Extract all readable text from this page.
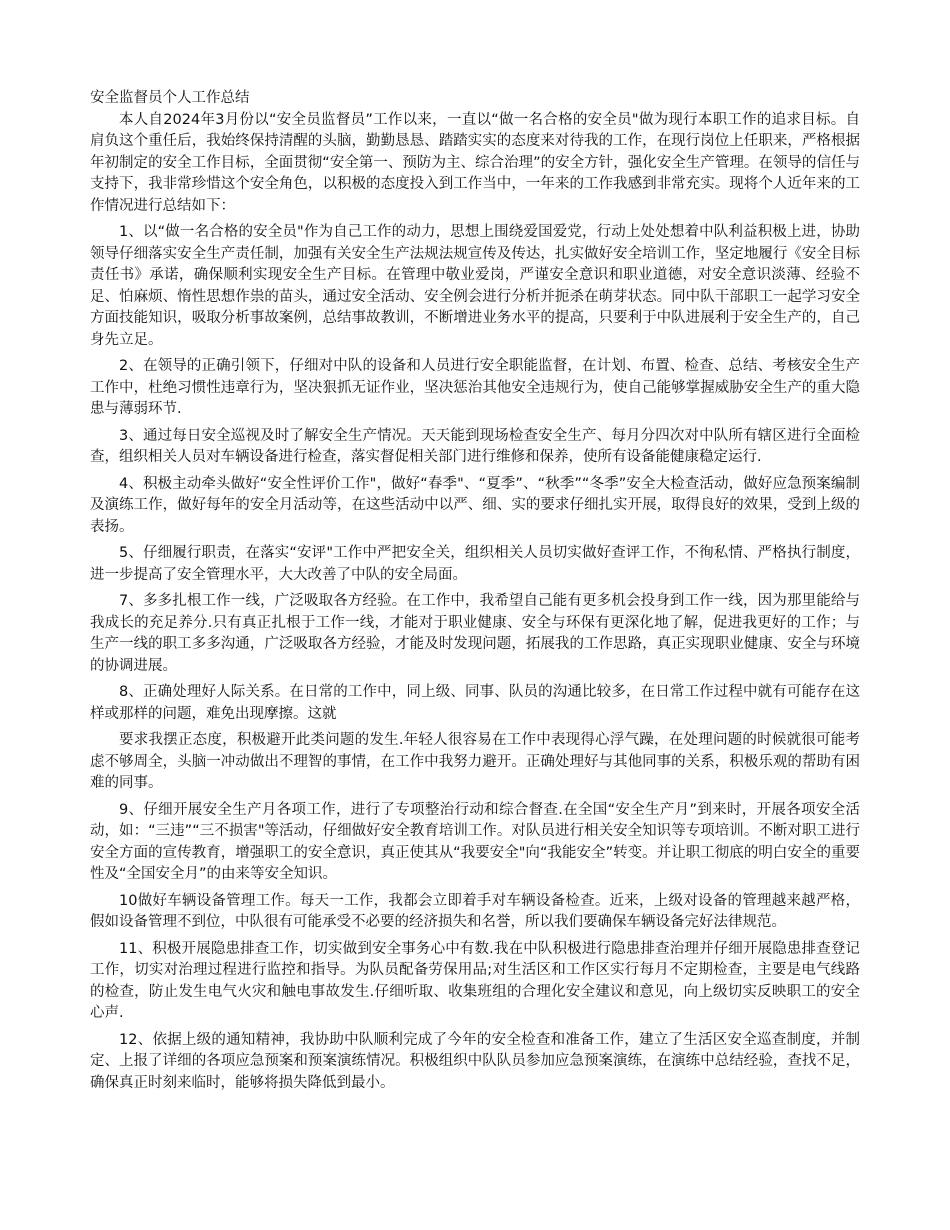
安全监督员个人工作总结

本人自2024年3月份以“安全员监督员”工作以来，一直以“做一名合格的安全员"做为现行本职工作的追求目标。自肩负这个重任后，我始终保持清醒的头脑，勤勤恳恳、踏踏实实的态度来对待我的工作，在现行岗位上任职来，严格根据年初制定的安全工作目标，全面贯彻“安全第一、预防为主、综合治理”的安全方针，强化安全生产管理。在领导的信任与支持下，我非常珍惜这个安全角色，以积极的态度投入到工作当中，一年来的工作我感到非常充实。现将个人近年来的工作情况进行总结如下：

1、以“做一名合格的安全员"作为自己工作的动力，思想上围绕爱国爱党，行动上处处想着中队利益积极上进，协助领导仔细落实安全生产责任制，加强有关安全生产法规法规宣传及传达，扎实做好安全培训工作，坚定地履行《安全目标责任书》承诺，确保顺利实现安全生产目标。在管理中敬业爱岗，严谨安全意识和职业道德，对安全意识淡薄、经验不足、怕麻烦、惰性思想作祟的苗头，通过安全活动、安全例会进行分析并扼杀在萌芽状态。同中队干部职工一起学习安全方面技能知识，吸取分析事故案例，总结事故教训，不断增进业务水平的提高，只要利于中队进展利于安全生产的，自己身先立足。

2、在领导的正确引领下，仔细对中队的设备和人员进行安全职能监督，在计划、布置、检查、总结、考核安全生产工作中，杜绝习惯性违章行为，坚决狠抓无证作业，坚决惩治其他安全违规行为，使自己能够掌握威胁安全生产的重大隐患与薄弱环节.

3、通过每日安全巡视及时了解安全生产情况。天天能到现场检查安全生产、每月分四次对中队所有辖区进行全面检查，组织相关人员对车辆设备进行检查，落实督促相关部门进行维修和保养，使所有设备能健康稳定运行.

4、积极主动牵头做好“安全性评价工作"，做好“春季"、“夏季”、“秋季”“冬季”安全大检查活动，做好应急预案编制及演练工作，做好每年的安全月活动等，在这些活动中以严、细、实的要求仔细扎实开展，取得良好的效果，受到上级的表扬。

5、仔细履行职责，在落实“安评"工作中严把安全关，组织相关人员切实做好查评工作，不徇私情、严格执行制度，进一步提高了安全管理水平，大大改善了中队的安全局面。

7、多多扎根工作一线，广泛吸取各方经验。在工作中，我希望自己能有更多机会投身到工作一线，因为那里能给与我成长的充足养分.只有真正扎根于工作一线，才能对于职业健康、安全与环保有更深化地了解，促进我更好的工作；与生产一线的职工多多沟通，广泛吸取各方经验，才能及时发现问题，拓展我的工作思路，真正实现职业健康、安全与环境的协调进展。

8、正确处理好人际关系。在日常的工作中，同上级、同事、队员的沟通比较多，在日常工作过程中就有可能存在这样或那样的问题，难免出现摩擦。这就

要求我摆正态度，积极避开此类问题的发生.年轻人很容易在工作中表现得心浮气躁，在处理问题的时候就很可能考虑不够周全，头脑一冲动做出不理智的事情，在工作中我努力避开。正确处理好与其他同事的关系，积极乐观的帮助有困难的同事。

9、仔细开展安全生产月各项工作，进行了专项整治行动和综合督查.在全国“安全生产月”到来时，开展各项安全活动，如：“三违”“三不损害"等活动，仔细做好安全教育培训工作。对队员进行相关安全知识等专项培训。不断对职工进行安全方面的宣传教育，增强职工的安全意识，真正使其从“我要安全"向“我能安全”转变。并让职工彻底的明白安全的重要性及“全国安全月”的由来等安全知识。

10做好车辆设备管理工作。每天一工作，我都会立即着手对车辆设备检查。近来，上级对设备的管理越来越严格，假如设备管理不到位，中队很有可能承受不必要的经济损失和名誉，所以我们要确保车辆设备完好法律规范。

11、积极开展隐患排查工作，切实做到安全事务心中有数.我在中队积极进行隐患排查治理并仔细开展隐患排查登记工作，切实对治理过程进行监控和指导。为队员配备劳保用品;对生活区和工作区实行每月不定期检查，主要是电气线路的检查，防止发生电气火灾和触电事故发生.仔细听取、收集班组的合理化安全建议和意见，向上级切实反映职工的安全心声.

12、依据上级的通知精神，我协助中队顺利完成了今年的安全检查和准备工作，建立了生活区安全巡查制度，并制定、上报了详细的各项应急预案和预案演练情况。积极组织中队队员参加应急预案演练，在演练中总结经验，查找不足，确保真正时刻来临时，能够将损失降低到最小。
